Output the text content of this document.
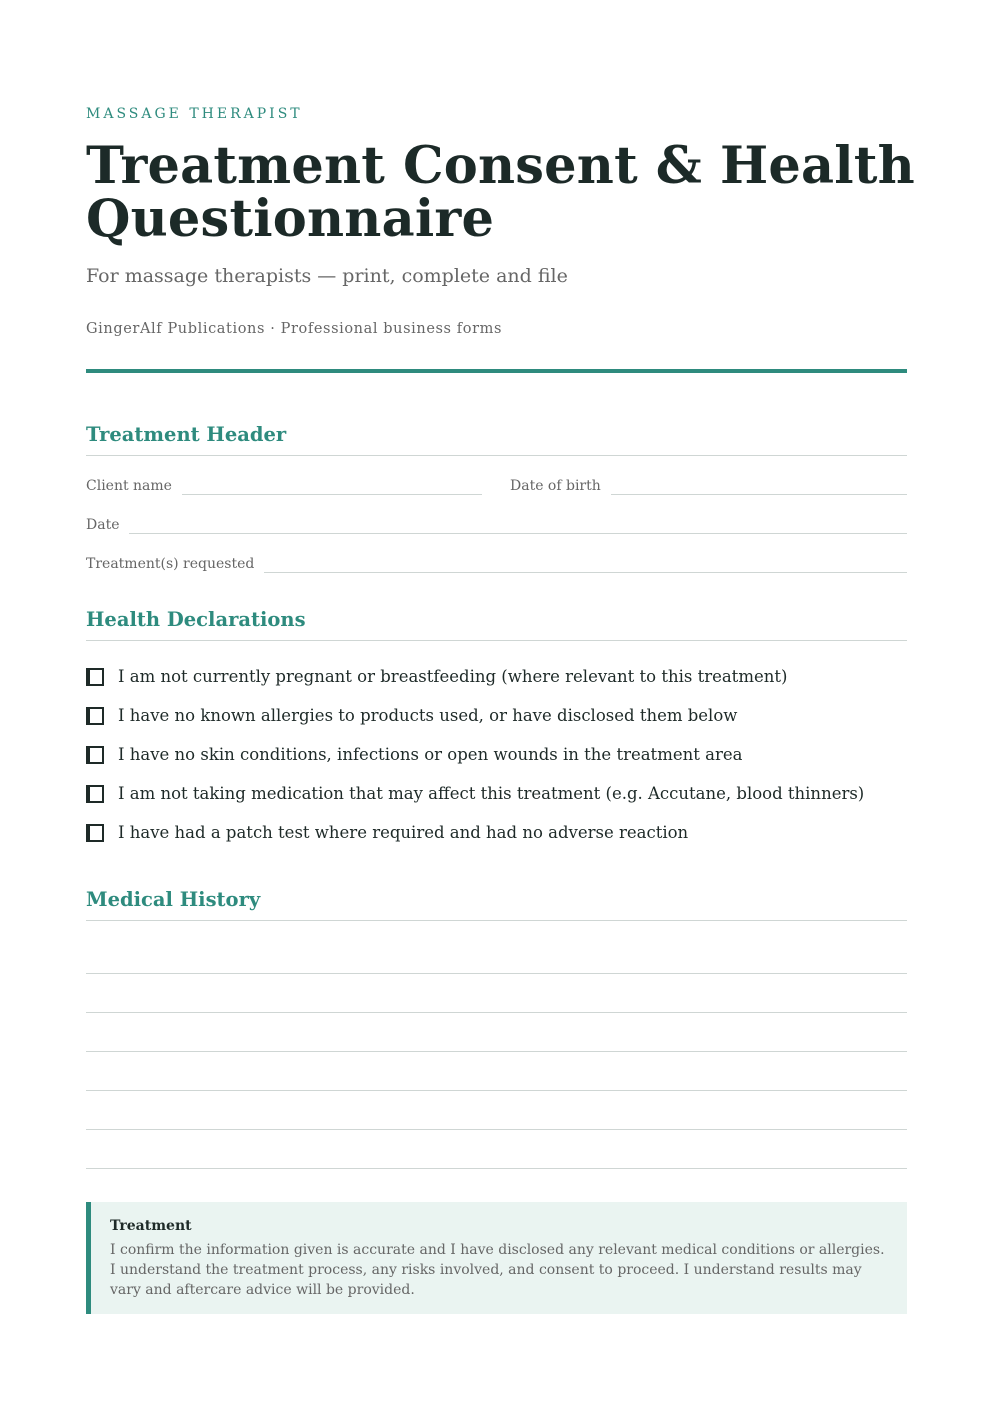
MASSAGE THERAPIST
Treatment Consent & Health Questionnaire
For massage therapists — print, complete and file
GingerAlf Publications · Professional business forms
Treatment Header
Client name	Date of birth
Date
Treatment(s) requested
Health Declarations
I am not currently pregnant or breastfeeding (where relevant to this treatment)
I have no known allergies to products used, or have disclosed them below
I have no skin conditions, infections or open wounds in the treatment area
I am not taking medication that may affect this treatment (e.g. Accutane, blood thinners)
I have had a patch test where required and had no adverse reaction
Medical History
Treatment
I confirm the information given is accurate and I have disclosed any relevant medical conditions or allergies. I understand the treatment process, any risks involved, and consent to proceed. I understand results may vary and aftercare advice will be provided.
